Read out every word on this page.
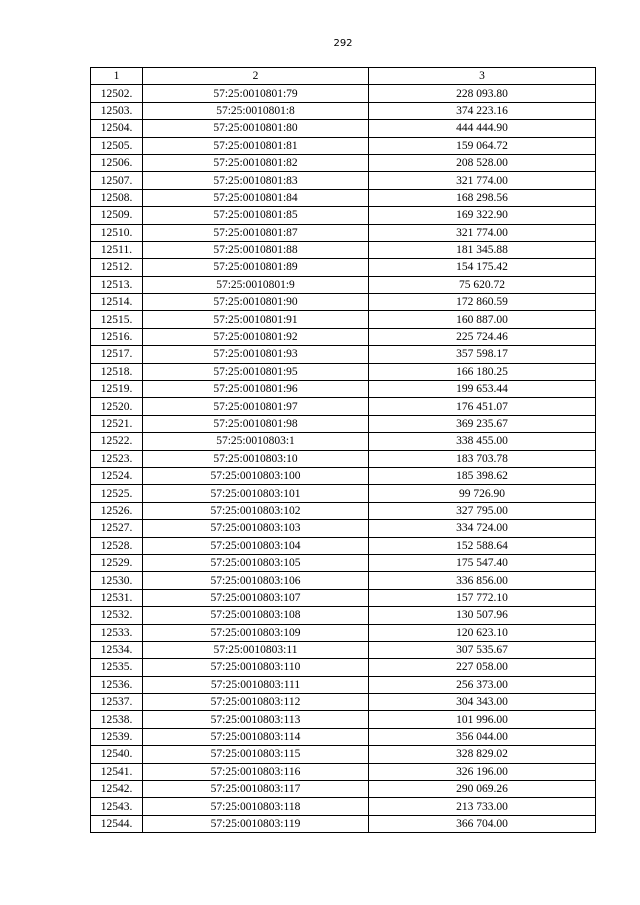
292
1	2	3
12502.	57:25:0010801:79	228 093.80
12503.	57:25:0010801:8	374 223.16
12504.	57:25:0010801:80	444 444.90
12505.	57:25:0010801:81	159 064.72
12506.	57:25:0010801:82	208 528.00
12507.	57:25:0010801:83	321 774.00
12508.	57:25:0010801:84	168 298.56
12509.	57:25:0010801:85	169 322.90
12510.	57:25:0010801:87	321 774.00
12511.	57:25:0010801:88	181 345.88
12512.	57:25:0010801:89	154 175.42
12513.	57:25:0010801:9	75 620.72
12514.	57:25:0010801:90	172 860.59
12515.	57:25:0010801:91	160 887.00
12516.	57:25:0010801:92	225 724.46
12517.	57:25:0010801:93	357 598.17
12518.	57:25:0010801:95	166 180.25
12519.	57:25:0010801:96	199 653.44
12520.	57:25:0010801:97	176 451.07
12521.	57:25:0010801:98	369 235.67
12522.	57:25:0010803:1	338 455.00
12523.	57:25:0010803:10	183 703.78
12524.	57:25:0010803:100	185 398.62
12525.	57:25:0010803:101	99 726.90
12526.	57:25:0010803:102	327 795.00
12527.	57:25:0010803:103	334 724.00
12528.	57:25:0010803:104	152 588.64
12529.	57:25:0010803:105	175 547.40
12530.	57:25:0010803:106	336 856.00
12531.	57:25:0010803:107	157 772.10
12532.	57:25:0010803:108	130 507.96
12533.	57:25:0010803:109	120 623.10
12534.	57:25:0010803:11	307 535.67
12535.	57:25:0010803:110	227 058.00
12536.	57:25:0010803:111	256 373.00
12537.	57:25:0010803:112	304 343.00
12538.	57:25:0010803:113	101 996.00
12539.	57:25:0010803:114	356 044.00
12540.	57:25:0010803:115	328 829.02
12541.	57:25:0010803:116	326 196.00
12542.	57:25:0010803:117	290 069.26
12543.	57:25:0010803:118	213 733.00
12544.	57:25:0010803:119	366 704.00
